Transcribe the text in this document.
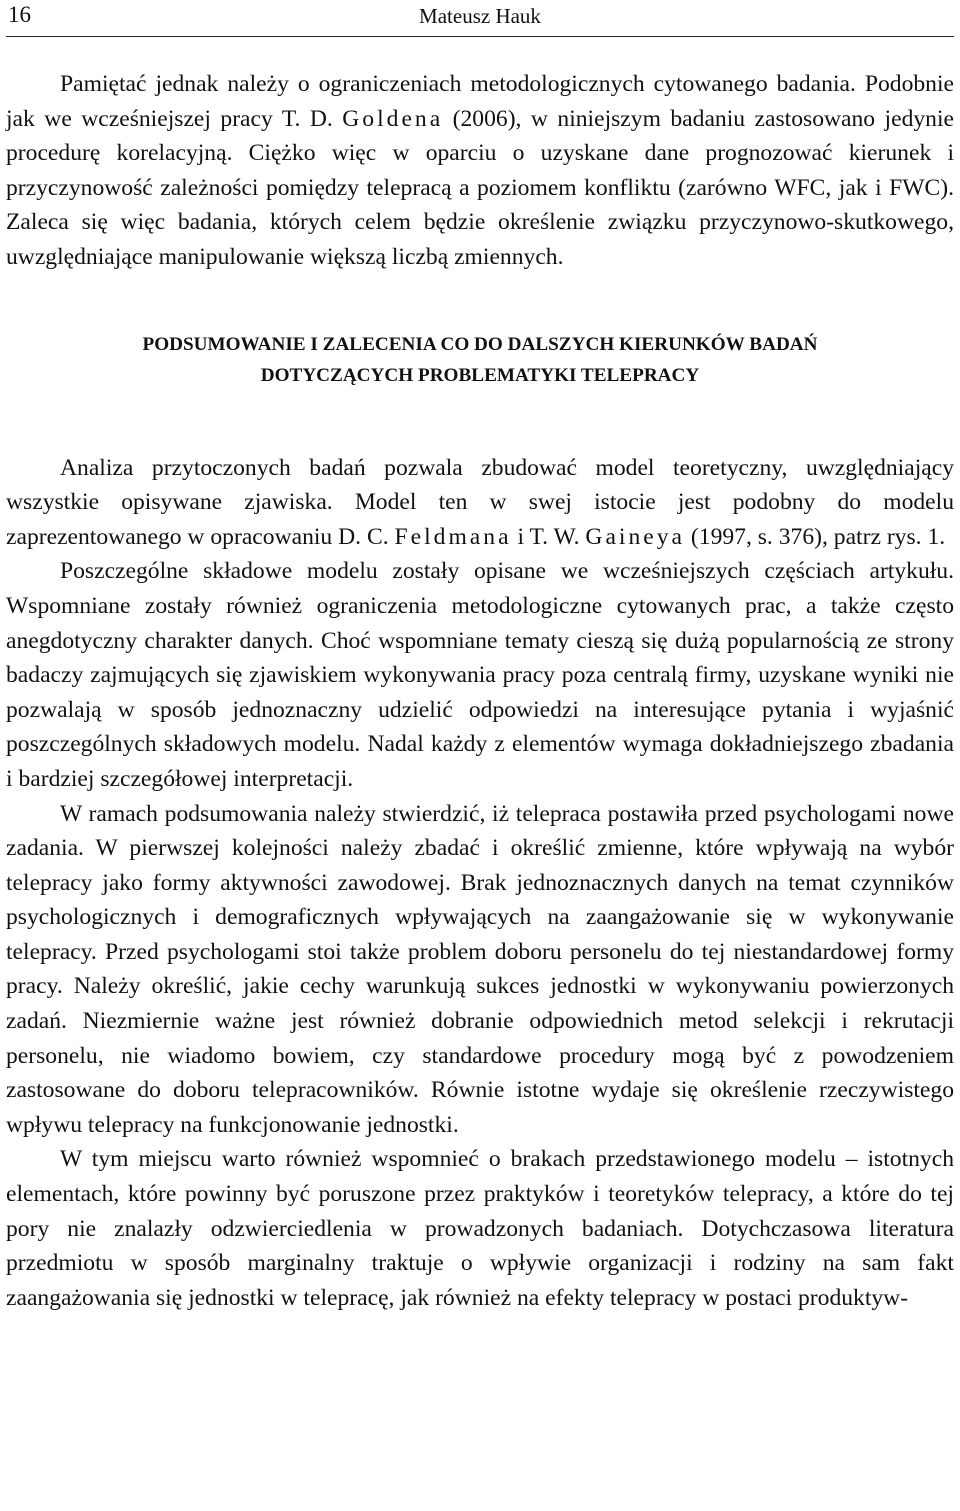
16	Mateusz Hauk

Pamiętać jednak należy o ograniczeniach metodologicznych cytowanego badania. Podobnie jak we wcześniejszej pracy T. D. Goldena (2006), w niniejszym badaniu zastosowano jedynie procedurę korelacyjną. Ciężko więc w oparciu o uzyskane dane prognozować kierunek i przyczynowość zależności pomiędzy telepracą a poziomem konfliktu (zarówno WFC, jak i FWC). Zaleca się więc badania, których celem będzie określenie związku przyczynowo-skutkowego, uwzględniające manipulowanie większą liczbą zmiennych.

PODSUMOWANIE I ZALECENIA CO DO DALSZYCH KIERUNKÓW BADAŃ
DOTYCZĄCYCH PROBLEMATYKI TELEPRACY

Analiza przytoczonych badań pozwala zbudować model teoretyczny, uwzględniający wszystkie opisywane zjawiska. Model ten w swej istocie jest podobny do modelu zaprezentowanego w opracowaniu D. C. Feldmana i T. W. Gaineya (1997, s. 376), patrz rys. 1.

Poszczególne składowe modelu zostały opisane we wcześniejszych częściach artykułu. Wspomniane zostały również ograniczenia metodologiczne cytowanych prac, a także często anegdotyczny charakter danych. Choć wspomniane tematy cieszą się dużą popularnością ze strony badaczy zajmujących się zjawiskiem wykonywania pracy poza centralą firmy, uzyskane wyniki nie pozwalają w sposób jednoznaczny udzielić odpowiedzi na interesujące pytania i wyjaśnić poszczególnych składowych modelu. Nadal każdy z elementów wymaga dokładniejszego zbadania i bardziej szczegółowej interpretacji.

W ramach podsumowania należy stwierdzić, iż telepraca postawiła przed psychologami nowe zadania. W pierwszej kolejności należy zbadać i określić zmienne, które wpływają na wybór telepracy jako formy aktywności zawodowej. Brak jednoznacznych danych na temat czynników psychologicznych i demograficznych wpływających na zaangażowanie się w wykonywanie telepracy. Przed psychologami stoi także problem doboru personelu do tej niestandardowej formy pracy. Należy określić, jakie cechy warunkują sukces jednostki w wykonywaniu powierzonych zadań. Niezmiernie ważne jest również dobranie odpowiednich metod selekcji i rekrutacji personelu, nie wiadomo bowiem, czy standardowe procedury mogą być z powodzeniem zastosowane do doboru telepracowników. Równie istotne wydaje się określenie rzeczywistego wpływu telepracy na funkcjonowanie jednostki.

W tym miejscu warto również wspomnieć o brakach przedstawionego modelu – istotnych elementach, które powinny być poruszone przez praktyków i teoretyków telepracy, a które do tej pory nie znalazły odzwierciedlenia w prowadzonych badaniach. Dotychczasowa literatura przedmiotu w sposób marginalny traktuje o wpływie organizacji i rodziny na sam fakt zaangażowania się jednostki w telepracę, jak również na efekty telepracy w postaci produktyw-
